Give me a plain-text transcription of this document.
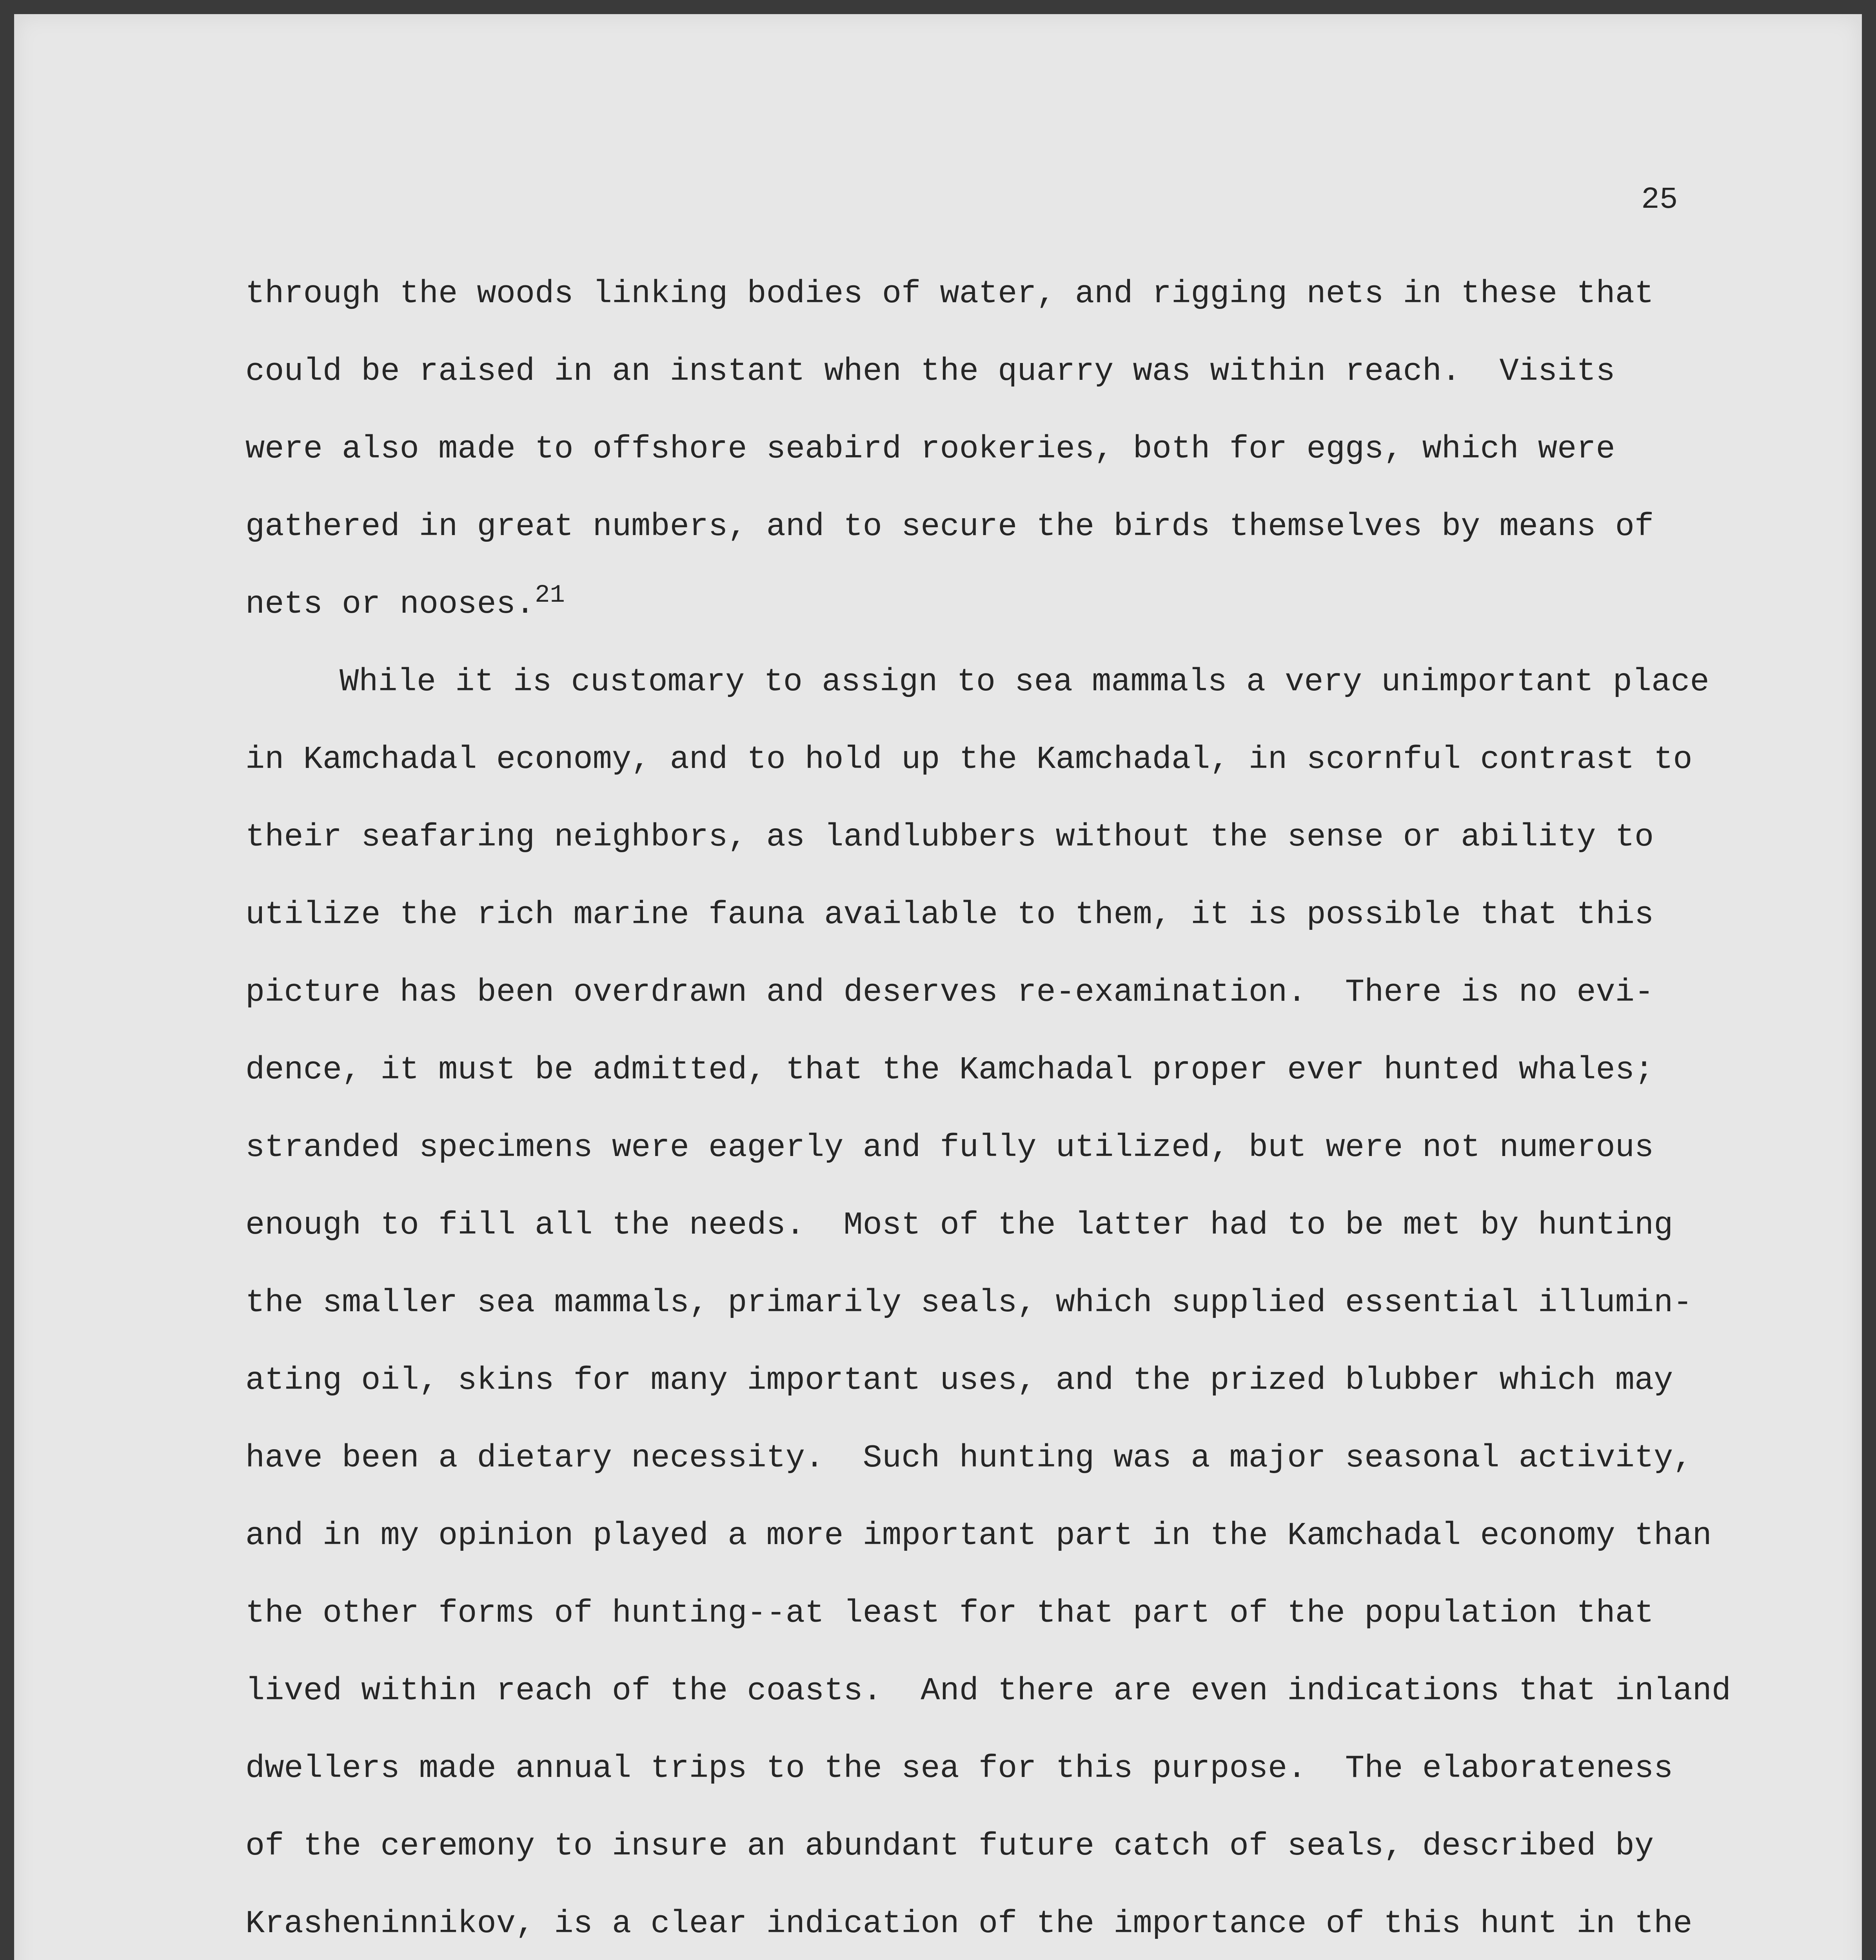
25
through the woods linking bodies of water, and rigging nets in these that
could be raised in an instant when the quarry was within reach.  Visits
were also made to offshore seabird rookeries, both for eggs, which were
gathered in great numbers, and to secure the birds themselves by means of
nets or nooses.$^{21}$
While it is customary to assign to sea mammals a very unimportant place
in Kamchadal economy, and to hold up the Kamchadal, in scornful contrast to
their seafaring neighbors, as landlubbers without the sense or ability to
utilize the rich marine fauna available to them, it is possible that this
picture has been overdrawn and deserves re-examination.  There is no evi-
dence, it must be admitted, that the Kamchadal proper ever hunted whales;
stranded specimens were eagerly and fully utilized, but were not numerous
enough to fill all the needs.  Most of the latter had to be met by hunting
the smaller sea mammals, primarily seals, which supplied essential illumin-
ating oil, skins for many important uses, and the prized blubber which may
have been a dietary necessity.  Such hunting was a major seasonal activity,
and in my opinion played a more important part in the Kamchadal economy than
the other forms of hunting--at least for that part of the population that
lived within reach of the coasts.  And there are even indications that inland
dwellers made annual trips to the sea for this purpose.  The elaborateness
of the ceremony to insure an abundant future catch of seals, described by
Krasheninnikov, is a clear indication of the importance of this hunt in the
